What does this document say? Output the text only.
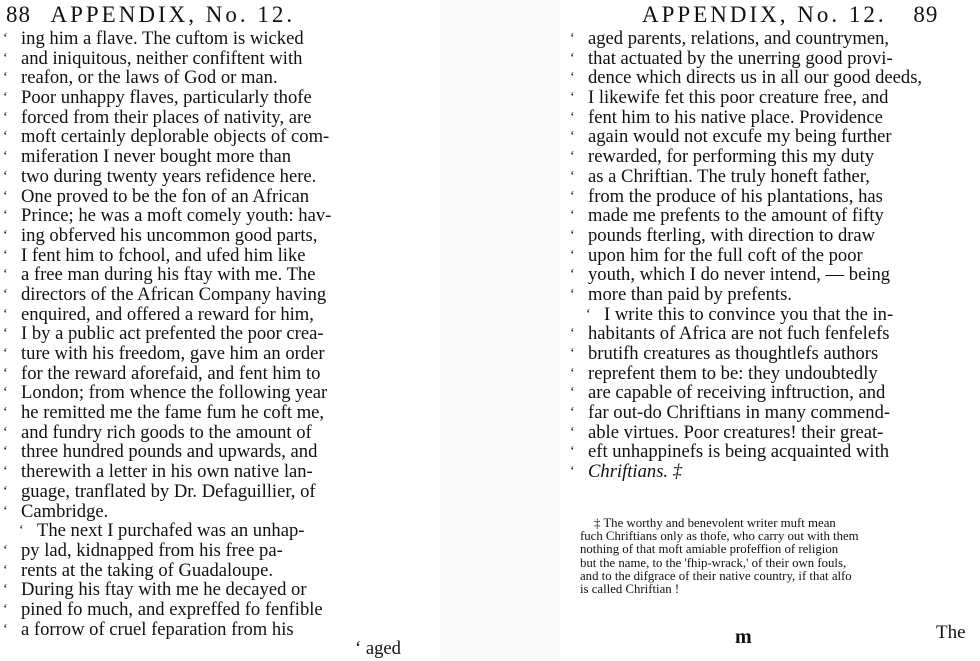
88 APPENDIX, No. 12.
‘ ing him a flave. The cuftom is wicked
‘ and iniquitous, neither confiftent with
‘ reafon, or the laws of God or man.
‘ Poor unhappy flaves, particularly thofe
‘ forced from their places of nativity, are
‘ moft certainly deplorable objects of com-
‘ miferation I never bought more than
‘ two during twenty years refidence here.
‘ One proved to be the fon of an African
‘ Prince; he was a moft comely youth: hav-
‘ ing obferved his uncommon good parts,
‘ I fent him to fchool, and ufed him like
‘ a free man during his ftay with me. The
‘ directors of the African Company having
‘ enquired, and offered a reward for him,
‘ I by a public act prefented the poor crea-
‘ ture with his freedom, gave him an order
‘ for the reward aforefaid, and fent him to
‘ London; from whence the following year
‘ he remitted me the fame fum he coft me,
‘ and fundry rich goods to the amount of
‘ three hundred pounds and upwards, and
‘ therewith a letter in his own native lan-
‘ guage, tranflated by Dr. Defaguillier, of
‘ Cambridge.
‘ The next I purchafed was an unhap-
‘ py lad, kidnapped from his free pa-
‘ rents at the taking of Guadaloupe.
‘ During his ftay with me he decayed or
‘ pined fo much, and expreffed fo fenfible
‘ a forrow of cruel feparation from his
‘ aged
APPENDIX, No. 12. 89
‘ aged parents, relations, and countrymen,
‘ that actuated by the unerring good provi-
‘ dence which directs us in all our good deeds,
‘ I likewife fet this poor creature free, and
‘ fent him to his native place. Providence
‘ again would not excufe my being further
‘ rewarded, for performing this my duty
‘ as a Chriftian. The truly honeft father,
‘ from the produce of his plantations, has
‘ made me prefents to the amount of fifty
‘ pounds fterling, with direction to draw
‘ upon him for the full coft of the poor
‘ youth, which I do never intend, — being
‘ more than paid by prefents.
‘ I write this to convince you that the in-
‘ habitants of Africa are not fuch fenfelefs
‘ brutifh creatures as thoughtlefs authors
‘ reprefent them to be: they undoubtedly
‘ are capable of receiving inftruction, and
‘ far out-do Chriftians in many commend-
‘ able virtues. Poor creatures! their great-
‘ eft unhappinefs is being acquainted with
‘ Chriftians. ‡
‡ The worthy and benevolent writer muft mean
fuch Chriftians only as thofe, who carry out with them
nothing of that moft amiable profeffion of religion
but the name, to the 'fhip-wrack,' of their own fouls,
and to the difgrace of their native country, if that alfo
is called Chriftian !
m	The
